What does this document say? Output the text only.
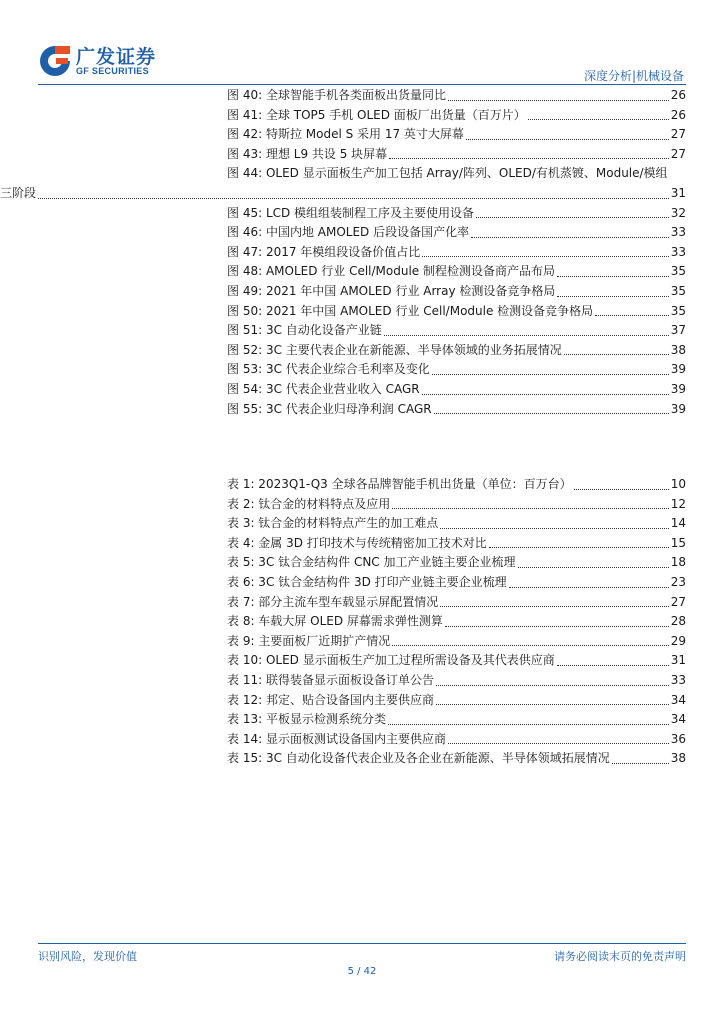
广发证券
GF SECURITIES	深度分析|机械设备
图 40: 全球智能手机各类面板出货量同比	26
图 41: 全球 TOP5 手机 OLED 面板厂出货量（百万片）	26
图 42: 特斯拉 Model S 采用 17 英寸大屏幕	27
图 43: 理想 L9 共设 5 块屏幕	27
图 44: OLED 显示面板生产加工包括 Array/阵列、OLED/有机蒸镀、Module/模组
三阶段	31
图 45: LCD 模组组装制程工序及主要使用设备	32
图 46: 中国内地 AMOLED 后段设备国产化率	33
图 47: 2017 年模组段设备价值占比	33
图 48: AMOLED 行业 Cell/Module 制程检测设备商产品布局	35
图 49: 2021 年中国 AMOLED 行业 Array 检测设备竞争格局	35
图 50: 2021 年中国 AMOLED 行业 Cell/Module 检测设备竞争格局	35
图 51: 3C 自动化设备产业链	37
图 52: 3C 主要代表企业在新能源、半导体领域的业务拓展情况	38
图 53: 3C 代表企业综合毛利率及变化	39
图 54: 3C 代表企业营业收入 CAGR	39
图 55: 3C 代表企业归母净利润 CAGR	39
表 1: 2023Q1-Q3 全球各品牌智能手机出货量（单位：百万台）	10
表 2: 钛合金的材料特点及应用	12
表 3: 钛合金的材料特点产生的加工难点	14
表 4: 金属 3D 打印技术与传统精密加工技术对比	15
表 5: 3C 钛合金结构件 CNC 加工产业链主要企业梳理	18
表 6: 3C 钛合金结构件 3D 打印产业链主要企业梳理	23
表 7: 部分主流车型车载显示屏配置情况	27
表 8: 车载大屏 OLED 屏幕需求弹性测算	28
表 9: 主要面板厂近期扩产情况	29
表 10: OLED 显示面板生产加工过程所需设备及其代表供应商	31
表 11: 联得装备显示面板设备订单公告	33
表 12: 邦定、贴合设备国内主要供应商	34
表 13: 平板显示检测系统分类	34
表 14: 显示面板测试设备国内主要供应商	36
表 15: 3C 自动化设备代表企业及各企业在新能源、半导体领域拓展情况	38
识别风险，发现价值	请务必阅读末页的免责声明
5 / 42
